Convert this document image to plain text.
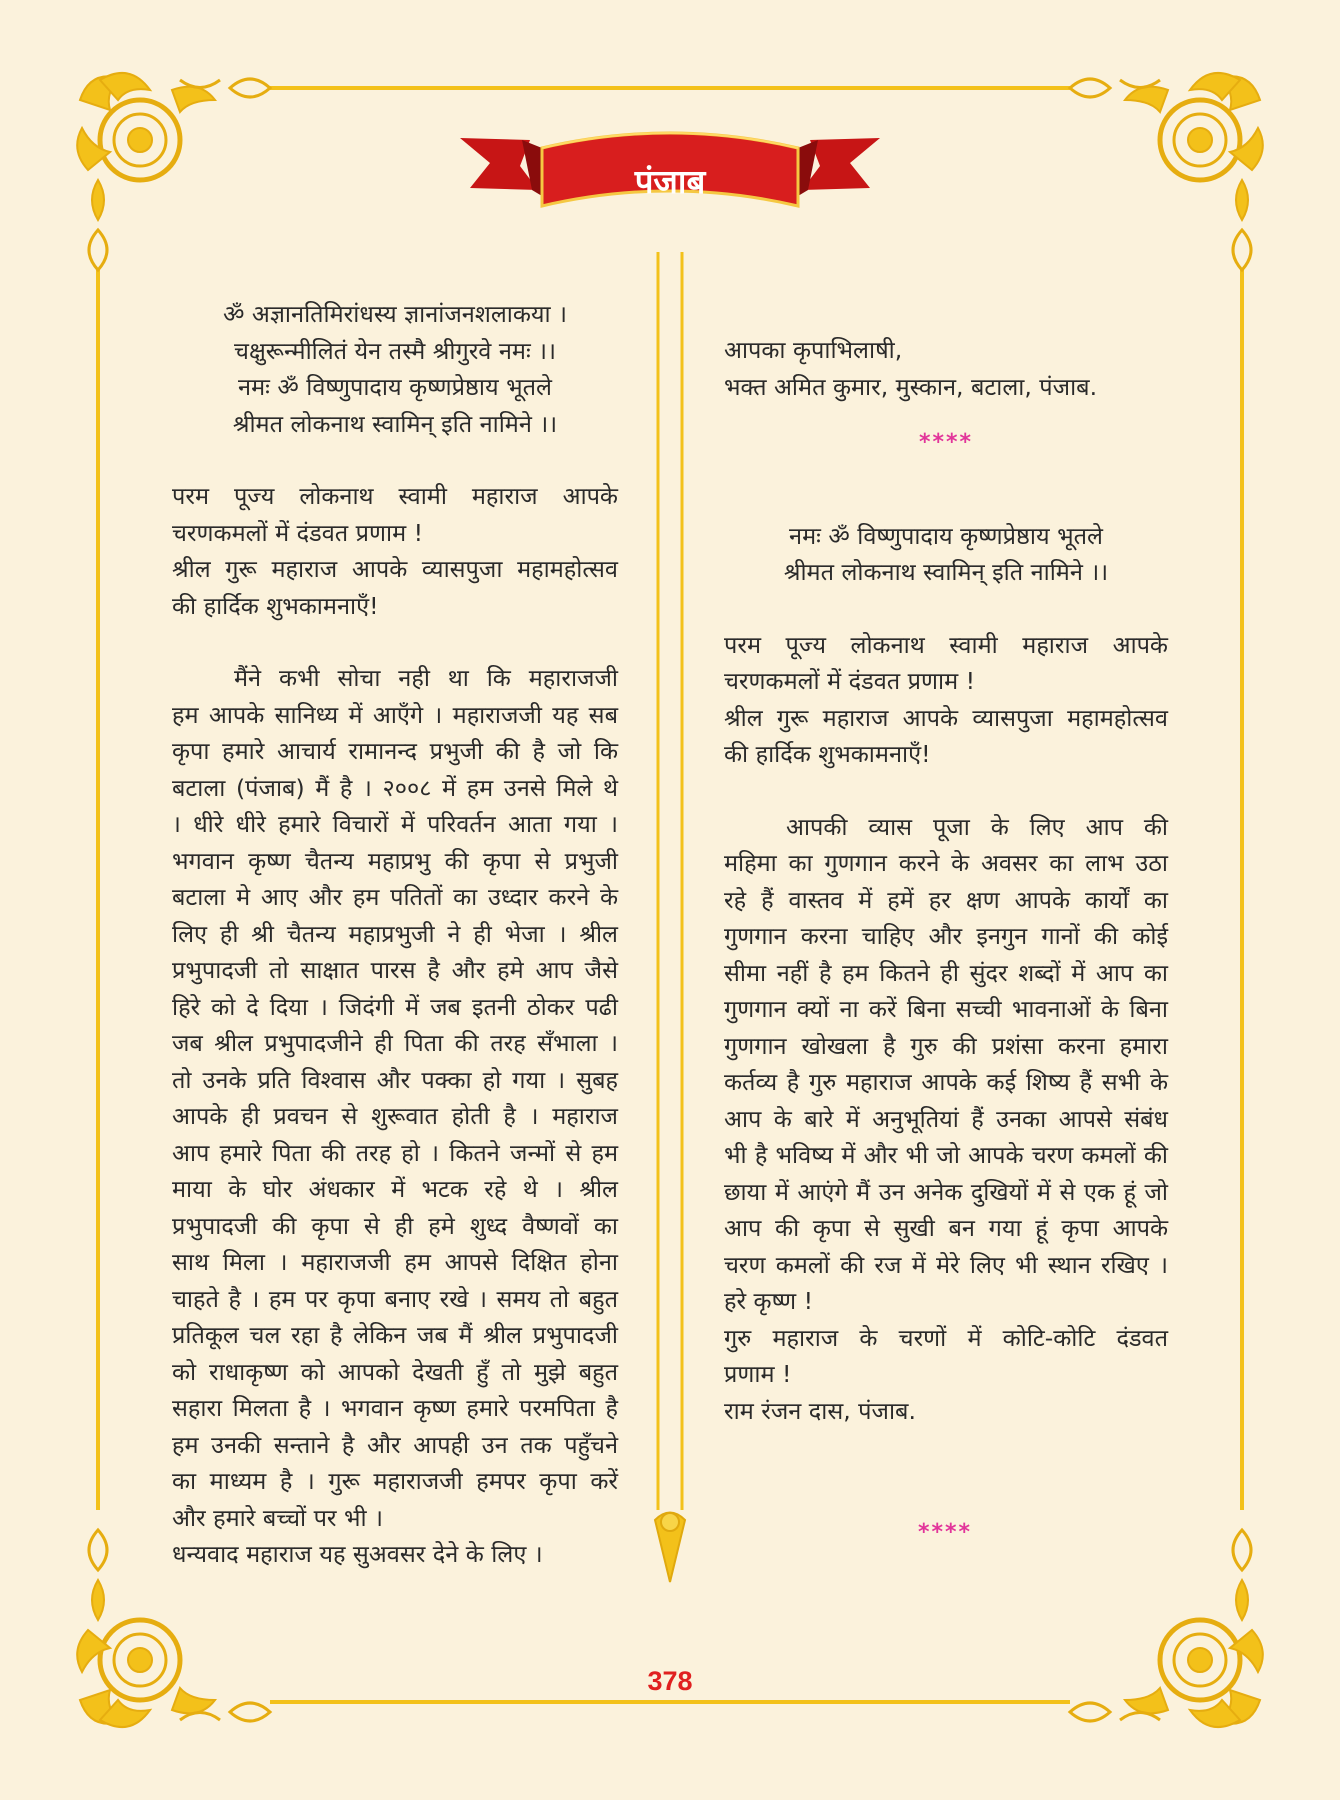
पंजाब
ॐ अज्ञानतिमिरांधस्य ज्ञानांजनशलाकया ।
चक्षुरून्मीलितं येन तस्मै श्रीगुरवे नमः ।।
नमः ॐ विष्णुपादाय कृष्णप्रेष्ठाय भूतले
श्रीमत लोकनाथ स्वामिन् इति नामिने ।।
परम पूज्य लोकनाथ स्वामी महाराज आपके
चरणकमलों में दंडवत प्रणाम !
श्रील गुरू महाराज आपके व्यासपुजा महामहोत्सव
की हार्दिक शुभकामनाएँ!
मैंने कभी सोचा नही था कि महाराजजी
हम आपके सानिध्य में आएँगे । महाराजजी यह सब
कृपा हमारे आचार्य रामानन्द प्रभुजी की है जो कि
बटाला (पंजाब) मैं है । २००८ में हम उनसे मिले थे
। धीरे धीरे हमारे विचारों में परिवर्तन आता गया ।
भगवान कृष्ण चैतन्य महाप्रभु की कृपा से प्रभुजी
बटाला मे आए और हम पतितों का उध्दार करने के
लिए ही श्री चैतन्य महाप्रभुजी ने ही भेजा । श्रील
प्रभुपादजी तो साक्षात पारस है और हमे आप जैसे
हिरे को दे दिया । जिदंगी में जब इतनी ठोकर पढी
जब श्रील प्रभुपादजीने ही पिता की तरह सँभाला ।
तो उनके प्रति विश्वास और पक्का हो गया । सुबह
आपके ही प्रवचन से शुरूवात होती है । महाराज
आप हमारे पिता की तरह हो । कितने जन्मों से हम
माया के घोर अंधकार में भटक रहे थे । श्रील
प्रभुपादजी की कृपा से ही हमे शुध्द वैष्णवों का
साथ मिला । महाराजजी हम आपसे दिक्षित होना
चाहते है । हम पर कृपा बनाए रखे । समय तो बहुत
प्रतिकूल चल रहा है लेकिन जब मैं श्रील प्रभुपादजी
को राधाकृष्ण को आपको देखती हुँ तो मुझे बहुत
सहारा मिलता है । भगवान कृष्ण हमारे परमपिता है
हम उनकी सन्ताने है और आपही उन तक पहुँचने
का माध्यम है । गुरू महाराजजी हमपर कृपा करें
और हमारे बच्चों पर भी ।
धन्यवाद महाराज यह सुअवसर देने के लिए ।
आपका कृपाभिलाषी,
भक्त अमित कुमार, मुस्कान, बटाला, पंजाब.
****
नमः ॐ विष्णुपादाय कृष्णप्रेष्ठाय भूतले
श्रीमत लोकनाथ स्वामिन् इति नामिने ।।
परम पूज्य लोकनाथ स्वामी महाराज आपके
चरणकमलों में दंडवत प्रणाम !
श्रील गुरू महाराज आपके व्यासपुजा महामहोत्सव
की हार्दिक शुभकामनाएँ!
आपकी व्यास पूजा के लिए आप की
महिमा का गुणगान करने के अवसर का लाभ उठा
रहे हैं वास्तव में हमें हर क्षण आपके कार्यों का
गुणगान करना चाहिए और इनगुन गानों की कोई
सीमा नहीं है हम कितने ही सुंदर शब्दों में आप का
गुणगान क्यों ना करें बिना सच्ची भावनाओं के बिना
गुणगान खोखला है गुरु की प्रशंसा करना हमारा
कर्तव्य है गुरु महाराज आपके कई शिष्य हैं सभी के
आप के बारे में अनुभूतियां हैं उनका आपसे संबंध
भी है भविष्य में और भी जो आपके चरण कमलों की
छाया में आएंगे मैं उन अनेक दुखियों में से एक हूं जो
आप की कृपा से सुखी बन गया हूं कृपा आपके
चरण कमलों की रज में मेरे लिए भी स्थान रखिए ।
हरे कृष्ण !
गुरु महाराज के चरणों में कोटि-कोटि दंडवत
प्रणाम !
राम रंजन दास, पंजाब.
****
378
